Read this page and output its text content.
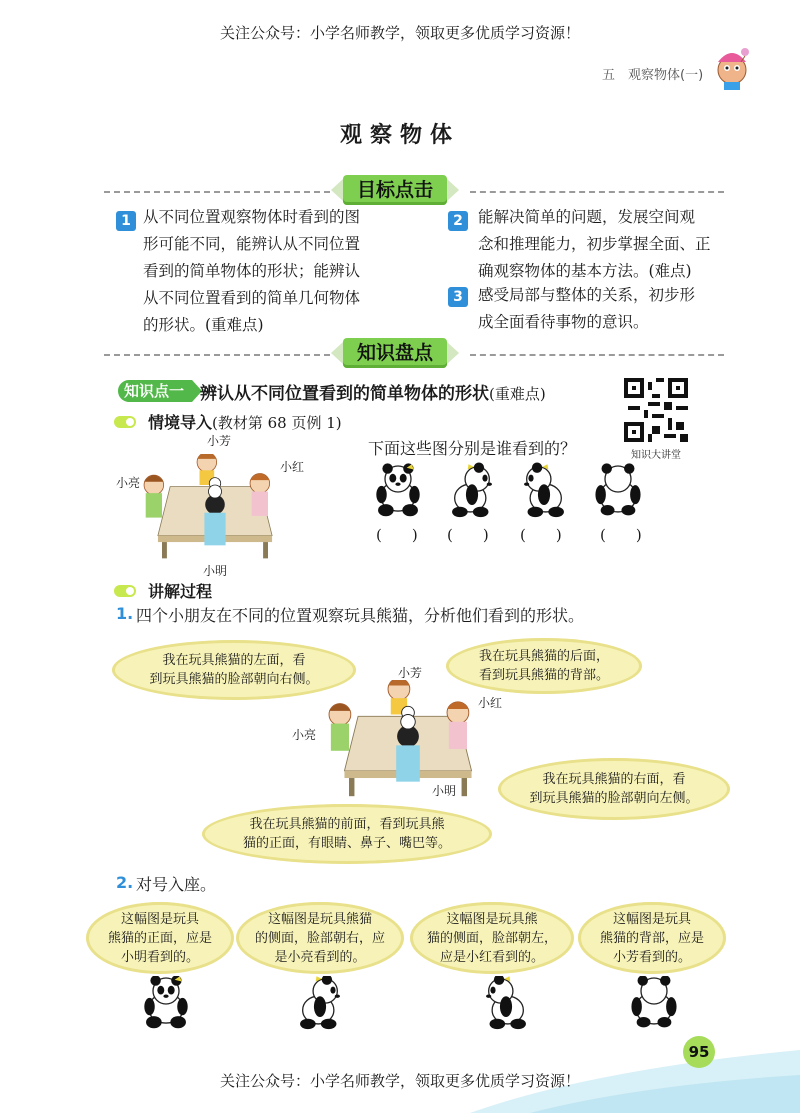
关注公众号：小学名师教学，领取更多优质学习资源！
五　观察物体(一)
观察物体
目标点击
1 从不同位置观察物体时看到的图
形可能不同，能辨认从不同位置
看到的简单物体的形状；能辨认
从不同位置看到的简单几何物体
的形状。(重难点)
2 能解决简单的问题，发展空间观
念和推理能力，初步掌握全面、正
确观察物体的基本方法。(难点)
3 感受局部与整体的关系，初步形
成全面看待事物的意识。
知识盘点
知识点一 辨认从不同位置看到的简单物体的形状(重难点)
知识大讲堂
情境导入(教材第 68 页例 1)
小芳
小亮
小红
小明
下面这些图分别是谁看到的？
(　　) (　　) (　　)	(　　)
讲解过程
1. 四个小朋友在不同的位置观察玩具熊猫，分析他们看到的形状。
我在玩具熊猫的左面，看
到玩具熊猫的脸部朝向右侧。
我在玩具熊猫的后面，
看到玩具熊猫的背部。
小芳
小亮
小红
小明
我在玩具熊猫的右面，看
到玩具熊猫的脸部朝向左侧。
我在玩具熊猫的前面，看到玩具熊
猫的正面，有眼睛、鼻子、嘴巴等。
2. 对号入座。
这幅图是玩具
熊猫的正面，应是
小明看到的。
这幅图是玩具熊猫
的侧面，脸部朝右，应
是小亮看到的。
这幅图是玩具熊
猫的侧面，脸部朝左，
应是小红看到的。
这幅图是玩具
熊猫的背部，应是
小芳看到的。
95
关注公众号：小学名师教学，领取更多优质学习资源！
